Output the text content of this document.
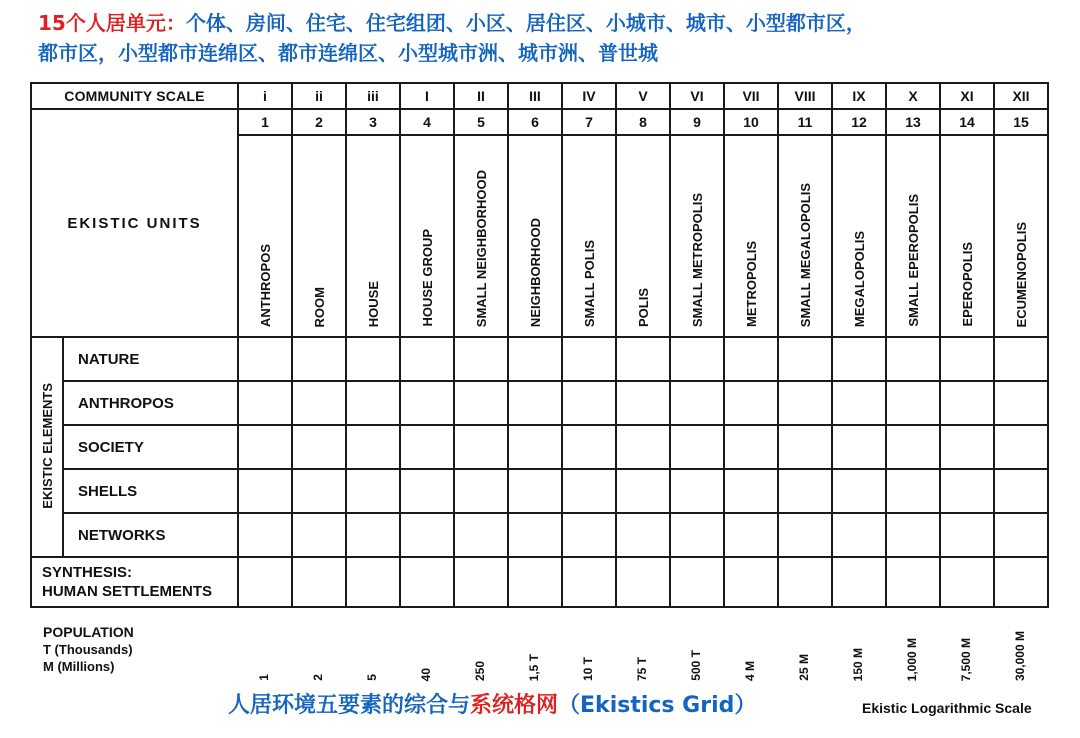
15个人居单元：个体、房间、住宅、住宅组团、小区、居住区、小城市、城市、小型都市区，
都市区，小型都市连绵区、都市连绵区、小型城市洲、城市洲、普世城
COMMUNITY SCALE		i	ii	iii	I	II	III	IV	V	VI	VII	VIII	IX	X	XI	XII
EKISTIC UNITS		1	2	3	4	5	6	7	8	9	10	11	12	13	14	15
		ANTHROPOS	ROOM	HOUSE	HOUSE GROUP	SMALL NEIGHBORHOOD	NEIGHBORHOOD	SMALL POLIS	POLIS	SMALL METROPOLIS	METROPOLIS	SMALL MEGALOPOLIS	MEGALOPOLIS	SMALL EPEROPOLIS	EPEROPOLIS	ECUMENOPOLIS
EKISTIC ELEMENTS	NATURE															
	ANTHROPOS															
	SOCIETY															
	SHELLS															
	NETWORKS															
SYNTHESIS:
HUMAN SETTLEMENTS																
POPULATION
T (Thousands)
M (Millions)
1	2	5	40	250	1,5 T	10 T	75 T	500 T	4 M	25 M	150 M	1,000 M	7,500 M	30,000 M
人居环境五要素的综合与系统格网（Ekistics Grid）	Ekistic Logarithmic Scale
